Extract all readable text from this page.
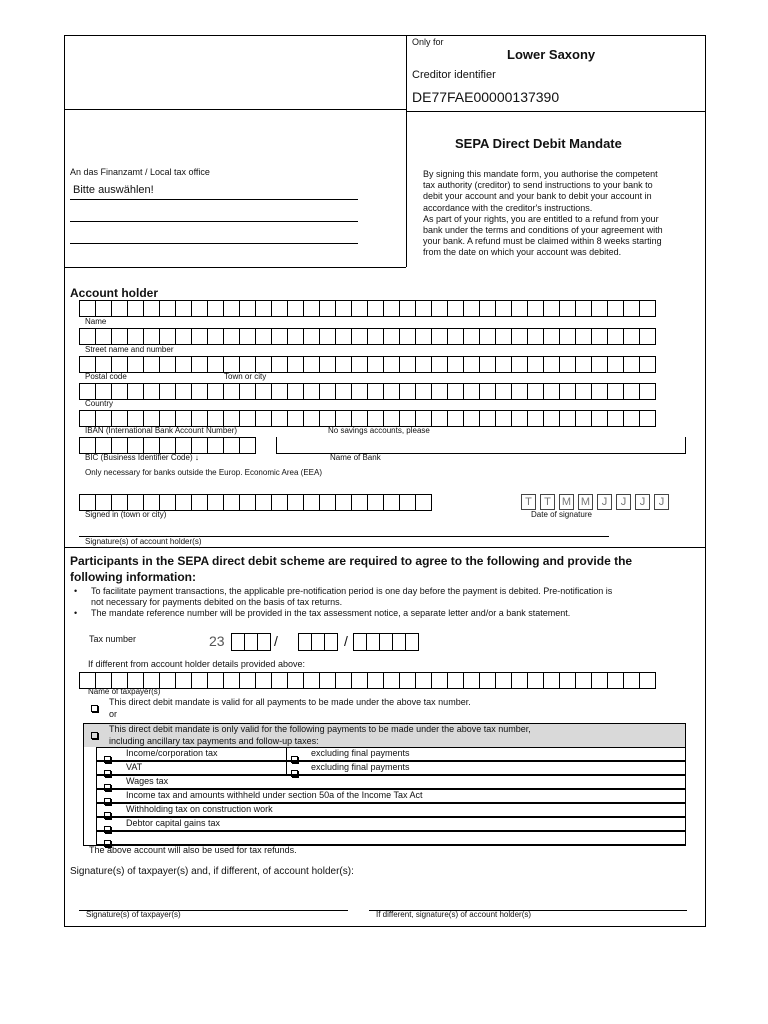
Only for
Lower Saxony
Creditor identifier
DE77FAE00000137390
SEPA Direct Debit Mandate
By signing this mandate form, you authorise the competent
tax authority (creditor) to send instructions to your bank to
debit your account and your bank to debit your account in
accordance with the creditor's instructions.
As part of your rights, you are entitled to a refund from your
bank under the terms and conditions of your agreement with
your bank. A refund must be claimed within 8 weeks starting
from the date on which your account was debited.
An das Finanzamt / Local tax office
Bitte auswählen!
Account holder
Name
Street name and number
Postal code	Town or city
Country
IBAN (International Bank Account Number)	No savings accounts, please
BIC (Business Identifier Code) ↓	Name of Bank
Only necessary for banks outside the Europ. Economic Area (EEA)
T	T	M M	J	J	J	J
Signed in (town or city)	Date of signature
Signature(s) of account holder(s)
Participants in the SEPA direct debit scheme are required to agree to the following and provide the
following information:
• To facilitate payment transactions, the applicable pre-notification period is one day before the payment is debited. Pre-notification is
not necessary for payments debited on the basis of tax returns.
• The mandate reference number will be provided in the tax assessment notice, a separate letter and/or a bank statement.
Tax number	23	/	/
If different from account holder details provided above:
Name of taxpayer(s)
This direct debit mandate is valid for all payments to be made under the above tax number.
or
This direct debit mandate is only valid for the following payments to be made under the above tax number,
including ancillary tax payments and follow-up taxes:
Income/corporation tax	excluding final payments
VAT	excluding final payments
Wages tax
Income tax and amounts withheld under section 50a of the Income Tax Act
Withholding tax on construction work
Debtor capital gains tax
The above account will also be used for tax refunds.
Signature(s) of taxpayer(s) and, if different, of account holder(s):
Signature(s) of taxpayer(s)	If different, signature(s) of account holder(s)
